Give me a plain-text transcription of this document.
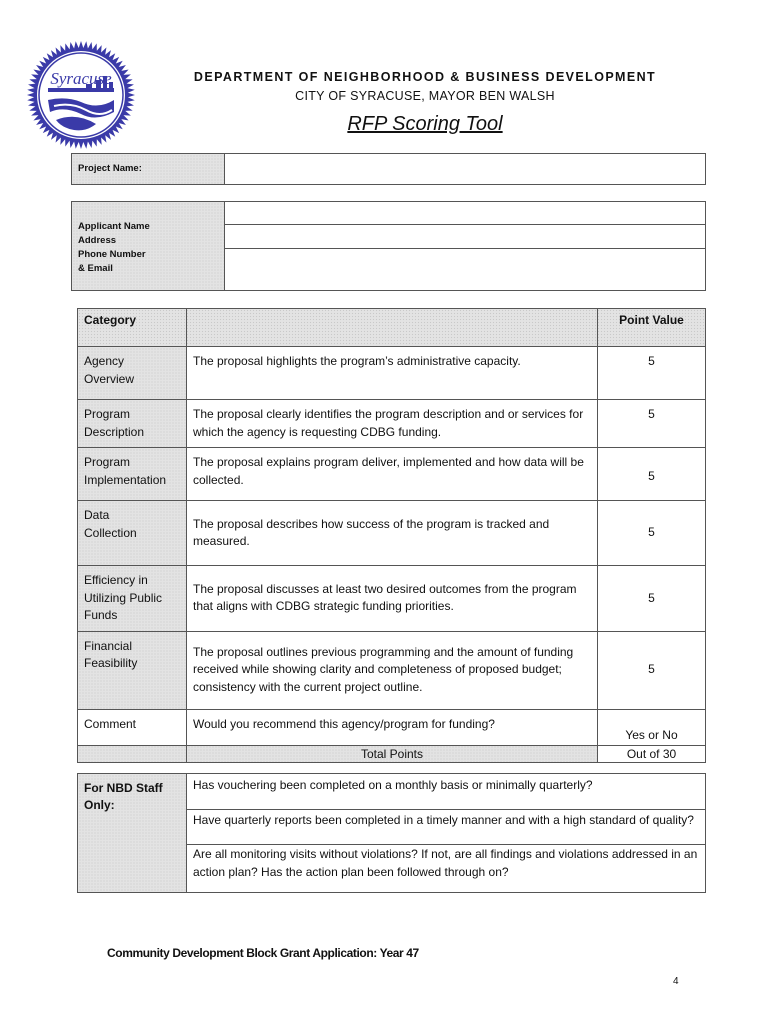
Syracuse
New York
DEPARTMENT OF NEIGHBORHOOD & BUSINESS DEVELOPMENT
CITY OF SYRACUSE, MAYOR BEN WALSH
RFP Scoring Tool
Project Name:	
Applicant Name
Address
Phone Number
& Email

Category		Point Value

Agency
Overview	The proposal highlights the program’s administrative capacity.	5

Program
Description	The proposal clearly identifies the program description and or services for which the agency is requesting CDBG funding.	5

Program
Implementation	The proposal explains program deliver, implemented and how data will be collected.	5

Data
Collection	The proposal describes how success of the program is tracked and measured.	5

Efficiency in
Utilizing Public
Funds	The proposal discusses at least two desired outcomes from the program that aligns with CDBG strategic funding priorities.	5

Financial
Feasibility	The proposal outlines previous programming and the amount of funding received while showing clarity and completeness of proposed budget; consistency with the current project outline.	5
Comment	Would you recommend this agency/program for funding?	Yes or No
	Total Points	Out of 30
For NBD Staff
Only:
	Has vouchering been completed on a monthly basis or minimally quarterly?
Have quarterly reports been completed in a timely manner and with a high standard of quality?
Are all monitoring visits without violations? If not, are all findings and violations addressed in an action plan? Has the action plan been followed through on?
Community Development Block Grant Application: Year 47
4
